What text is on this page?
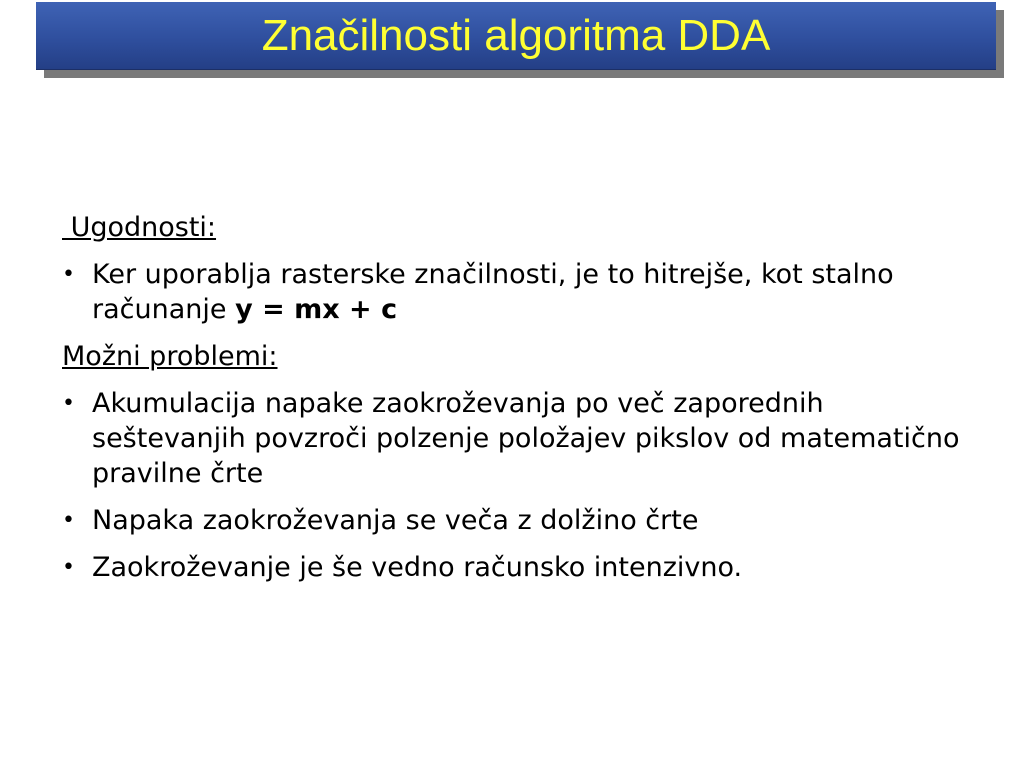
Značilnosti algoritma DDA
Ugodnosti:
• Ker uporablja rasterske značilnosti, je to hitrejše, kot stalno računanje y = mx + c
Možni problemi:
• Akumulacija napake zaokroževanja po več zaporednih seštevanjih povzroči polzenje položajev pikslov od matematično pravilne črte
• Napaka zaokroževanja se veča z dolžino črte
• Zaokroževanje je še vedno računsko intenzivno.
